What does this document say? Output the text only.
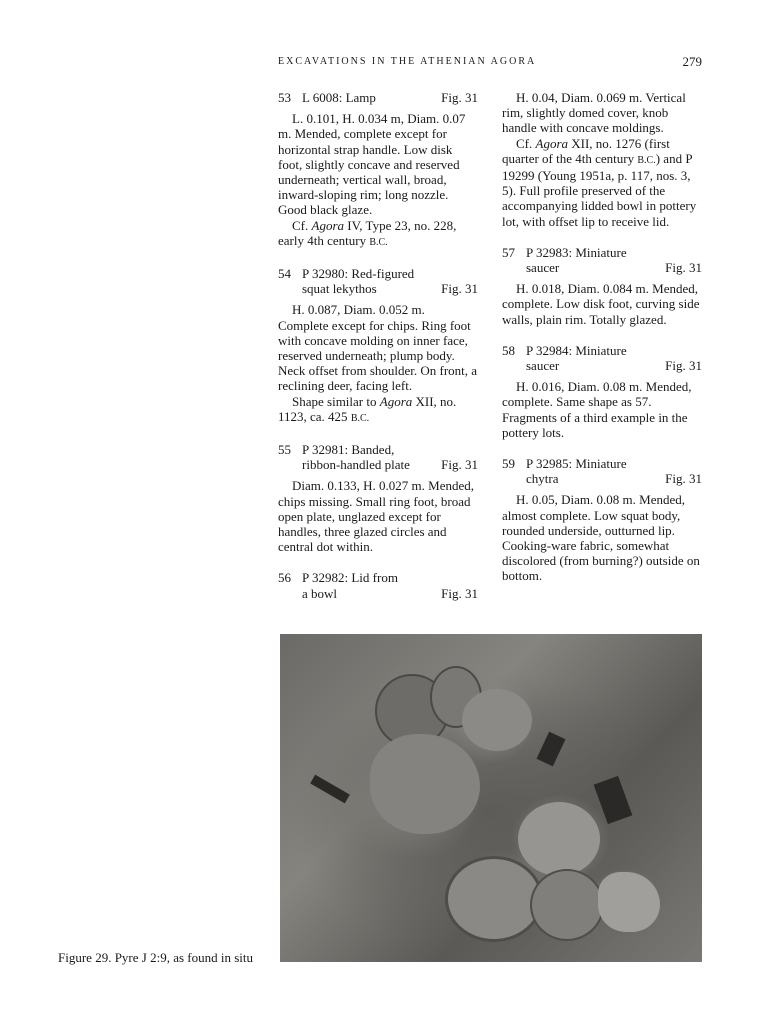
EXCAVATIONS IN THE ATHENIAN AGORA	279
53 L 6008: Lamp	Fig. 31

L. 0.101, H. 0.034 m, Diam. 0.07 m. Mended, complete except for horizontal strap handle. Low disk foot, slightly concave and reserved underneath; vertical wall, broad, inward-sloping rim; long nozzle. Good black glaze.

Cf. Agora IV, Type 23, no. 228, early 4th century B.C.

54 P 32980: Red-figured
squat lekythos	Fig. 31

H. 0.087, Diam. 0.052 m. Complete except for chips. Ring foot with concave molding on inner face, reserved underneath; plump body. Neck offset from shoulder. On front, a reclining deer, facing left.

Shape similar to Agora XII, no. 1123, ca. 425 B.C.

55 P 32981: Banded,
ribbon-handled plate	Fig. 31

Diam. 0.133, H. 0.027 m. Mended, chips missing. Small ring foot, broad open plate, unglazed except for handles, three glazed circles and central dot within.

56 P 32982: Lid from
a bowl	Fig. 31

H. 0.04, Diam. 0.069 m. Vertical rim, slightly domed cover, knob handle with concave moldings.

Cf. Agora XII, no. 1276 (first quarter of the 4th century B.C.) and P 19299 (Young 1951a, p. 117, nos. 3, 5). Full profile preserved of the accompanying lidded bowl in pottery lot, with offset lip to receive lid.

57 P 32983: Miniature
saucer	Fig. 31

H. 0.018, Diam. 0.084 m. Mended, complete. Low disk foot, curving side walls, plain rim. Totally glazed.

58 P 32984: Miniature
saucer	Fig. 31

H. 0.016, Diam. 0.08 m. Mended, complete. Same shape as 57. Fragments of a third example in the pottery lots.

59 P 32985: Miniature
chytra	Fig. 31

H. 0.05, Diam. 0.08 m. Mended, almost complete. Low squat body, rounded underside, outturned lip. Cooking-ware fabric, somewhat discolored (from burning?) outside on bottom.

Figure 29. Pyre J 2:9, as found in situ
